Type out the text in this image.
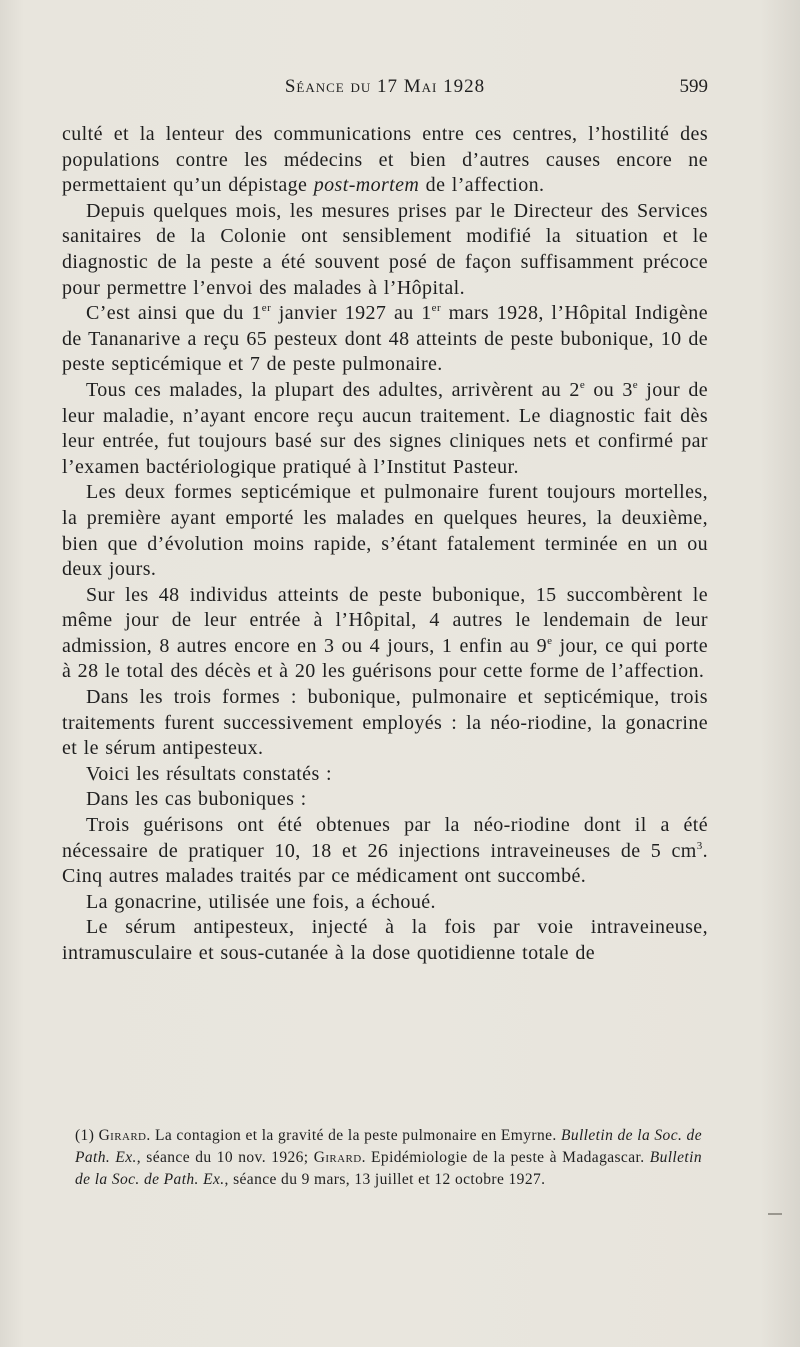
Séance du 17 Mai 1928	599

culté et la lenteur des communications entre ces centres, l’hostilité des populations contre les médecins et bien d’autres causes encore ne permettaient qu’un dépistage post-mortem de l’affection.

Depuis quelques mois, les mesures prises par le Directeur des Services sanitaires de la Colonie ont sensiblement modifié la situation et le diagnostic de la peste a été souvent posé de façon suffisamment précoce pour permettre l’envoi des malades à l’Hôpital.

C’est ainsi que du 1er janvier 1927 au 1er mars 1928, l’Hôpital Indigène de Tananarive a reçu 65 pesteux dont 48 atteints de peste bubonique, 10 de peste septicémique et 7 de peste pulmonaire.

Tous ces malades, la plupart des adultes, arrivèrent au 2e ou 3e jour de leur maladie, n’ayant encore reçu aucun traitement. Le diagnostic fait dès leur entrée, fut toujours basé sur des signes cliniques nets et confirmé par l’examen bactériologique pratiqué à l’Institut Pasteur.

Les deux formes septicémique et pulmonaire furent toujours mortelles, la première ayant emporté les malades en quelques heures, la deuxième, bien que d’évolution moins rapide, s’étant fatalement terminée en un ou deux jours.

Sur les 48 individus atteints de peste bubonique, 15 succombèrent le même jour de leur entrée à l’Hôpital, 4 autres le lendemain de leur admission, 8 autres encore en 3 ou 4 jours, 1 enfin au 9e jour, ce qui porte à 28 le total des décès et à 20 les guérisons pour cette forme de l’affection.

Dans les trois formes : bubonique, pulmonaire et septicémique, trois traitements furent successivement employés : la néo-riodine, la gonacrine et le sérum antipesteux.

Voici les résultats constatés :

Dans les cas buboniques :

Trois guérisons ont été obtenues par la néo-riodine dont il a été nécessaire de pratiquer 10, 18 et 26 injections intraveineuses de 5 $cm^3$. Cinq autres malades traités par ce médicament ont succombé.

La gonacrine, utilisée une fois, a échoué.

Le sérum antipesteux, injecté à la fois par voie intraveineuse, intramusculaire et sous-cutanée à la dose quotidienne totale de

(1) Girard. La contagion et la gravité de la peste pulmonaire en Emyrne. Bulletin de la Soc. de Path. Ex., séance du 10 nov. 1926; Girard. Epidémiologie de la peste à Madagascar. Bulletin de la Soc. de Path. Ex., séance du 9 mars, 13 juillet et 12 octobre 1927.
